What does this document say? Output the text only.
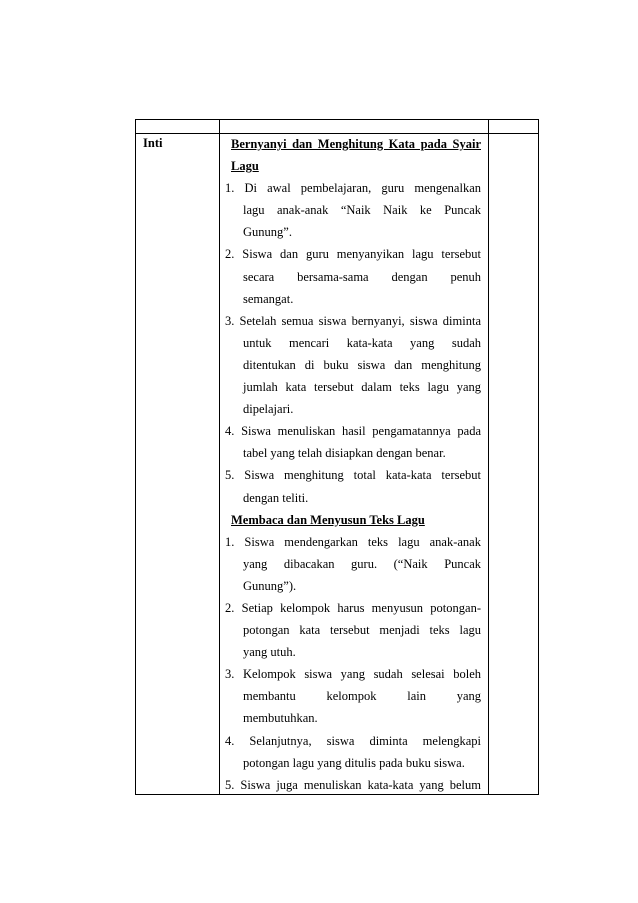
Inti	Bernyanyi dan Menghitung Kata pada Syair
Lagu
1. Di awal pembelajaran, guru mengenalkan
lagu anak-anak “Naik Naik ke Puncak
Gunung”.
2. Siswa dan guru menyanyikan lagu tersebut
secara bersama-sama dengan penuh
semangat.
3. Setelah semua siswa bernyanyi, siswa diminta
untuk mencari kata-kata yang sudah
ditentukan di buku siswa dan menghitung
jumlah kata tersebut dalam teks lagu yang
dipelajari.
4. Siswa menuliskan hasil pengamatannya pada
tabel yang telah disiapkan dengan benar.
5. Siswa menghitung total kata-kata tersebut
dengan teliti.
Membaca dan Menyusun Teks Lagu
1. Siswa mendengarkan teks lagu anak-anak
yang dibacakan guru. (“Naik Puncak
Gunung”).
2. Setiap kelompok harus menyusun potongan-
potongan kata tersebut menjadi teks lagu
yang utuh.
3. Kelompok siswa yang sudah selesai boleh
membantu kelompok lain yang
membutuhkan.
4. Selanjutnya, siswa diminta melengkapi
potongan lagu yang ditulis pada buku siswa.
5. Siswa juga menuliskan kata-kata yang belum
